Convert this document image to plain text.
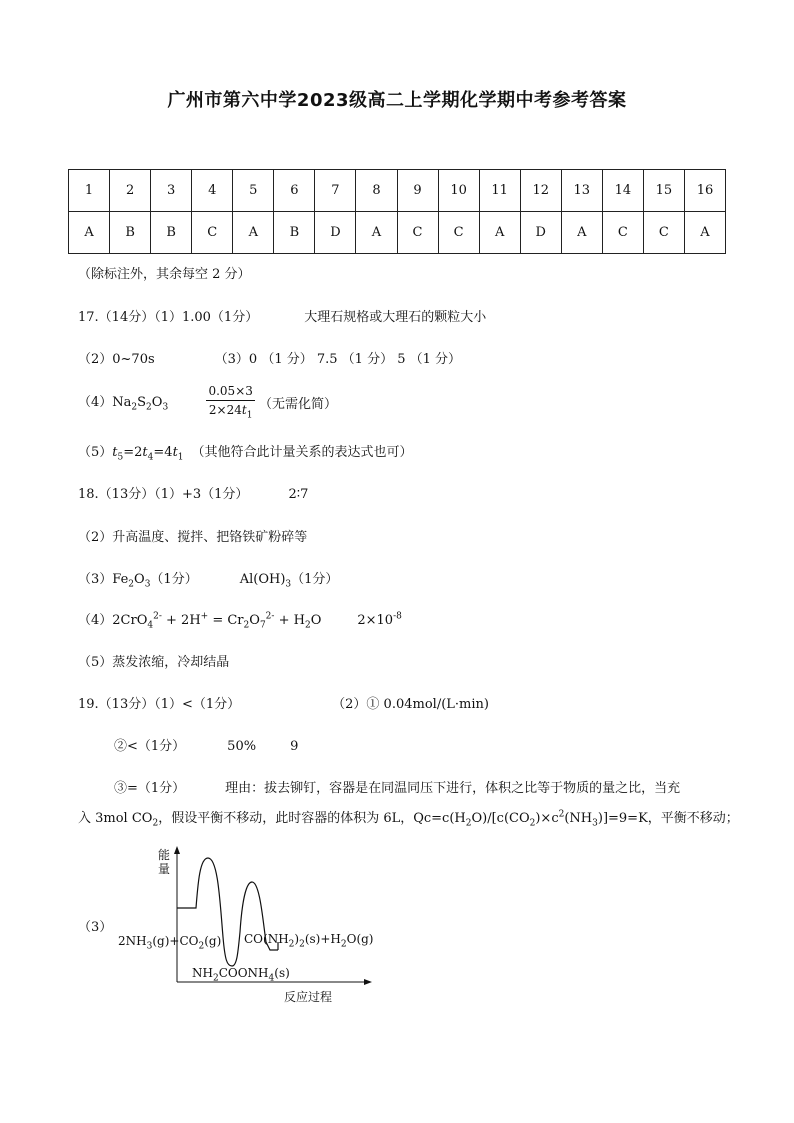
广州市第六中学2023级高二上学期化学期中考参考答案
1	2	3	4	5	6	7	8	9	10	11	12	13	14	15	16
A	B	B	C	A	B	D	A	C	C	A	D	A	C	C	A
（除标注外，其余每空 2 分）
17.（14分）（1）1.00（1分）	大理石规格或大理石的颗粒大小
（2）0~70s	（3）0 （1 分） 7.5 （1 分） 5 （1 分）
$(4)Na_2S_2O_3$	$\frac{0.05\times 3}{2\times 24t_1}$ （无需化简）
$(5)t_5=2t_4=4t_1$ （其他符合此计量关系的表达式也可）
18.（13分）（1）+3（1分）	2∶7
（2）升高温度、搅拌、把铬铁矿粉碎等
$(3)Fe_2O_3(1$分）	$Al(OH)_3(1$分）
$(4)2CrO_4^{2-} + 2H^+ = Cr_2O_7^{2-} + H_2O$	$2\times 10^{-8}$
（5）蒸发浓缩，冷却结晶
19.（13分）（1）<（1分）	（2）① 0.04mol/(L·min)
②<（1分）	50%	9
③=（1分）	理由：拔去铆钉，容器是在同温同压下进行，体积之比等于物质的量之比，当充
入 3mol $CO_2$，假设平衡不移动，此时容器的体积为 6L，$Qc=c(H_2O)/[c(CO_2)\times c^2(NH_3)]=9=K$，平衡不移动；
（3）
能
量
$2NH_3(g)+CO_2(g)$ $CO(NH_2)_2(s)+H_2O(g)$
$NH_2COONH_4(s)$
反应过程
